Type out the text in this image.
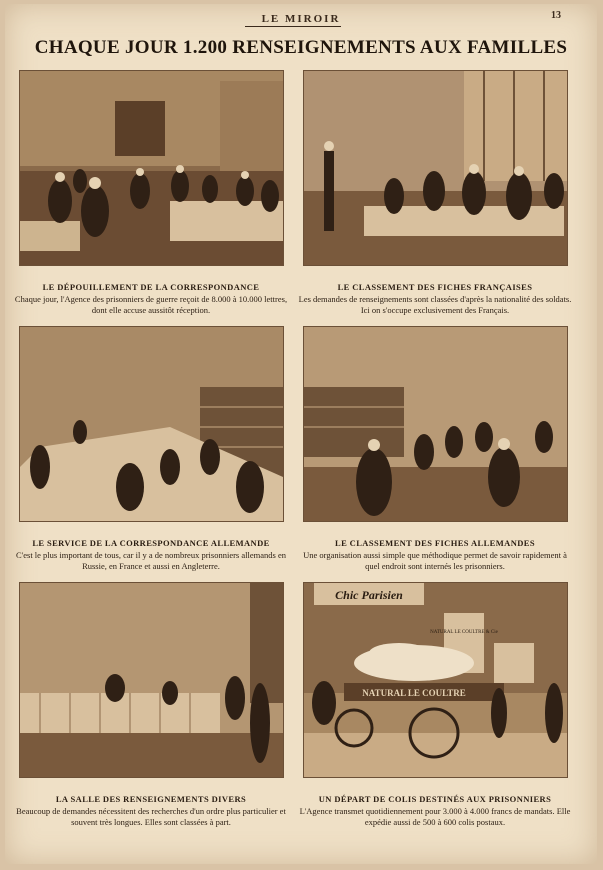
LE MIROIR	13
CHAQUE JOUR 1.200 RENSEIGNEMENTS AUX FAMILLES
LE DÉPOUILLEMENT DE LA CORRESPONDANCE
Chaque jour, l'Agence des prisonniers de guerre reçoit de 8.000 à 10.000 lettres, dont elle accuse aussitôt réception.
LE CLASSEMENT DES FICHES FRANÇAISES
Les demandes de renseignements sont classées d'après la nationalité des soldats. Ici on s'occupe exclusivement des Français.
LE SERVICE DE LA CORRESPONDANCE ALLEMANDE
C'est le plus important de tous, car il y a de nombreux prisonniers allemands en Russie, en France et aussi en Angleterre.
LE CLASSEMENT DES FICHES ALLEMANDES
Une organisation aussi simple que méthodique permet de savoir rapidement à quel endroit sont internés les prisonniers.
LA SALLE DES RENSEIGNEMENTS DIVERS
Beaucoup de demandes nécessitent des recherches d'un ordre plus particulier et souvent très longues. Elles sont classées à part.
Chic Parisien
NATURAL LE COULTRE & Cie
NATURAL LE COULTRE
UN DÉPART DE COLIS DESTINÉS AUX PRISONNIERS
L'Agence transmet quotidiennement pour 3.000 à 4.000 francs de mandats. Elle expédie aussi de 500 à 600 colis postaux.
